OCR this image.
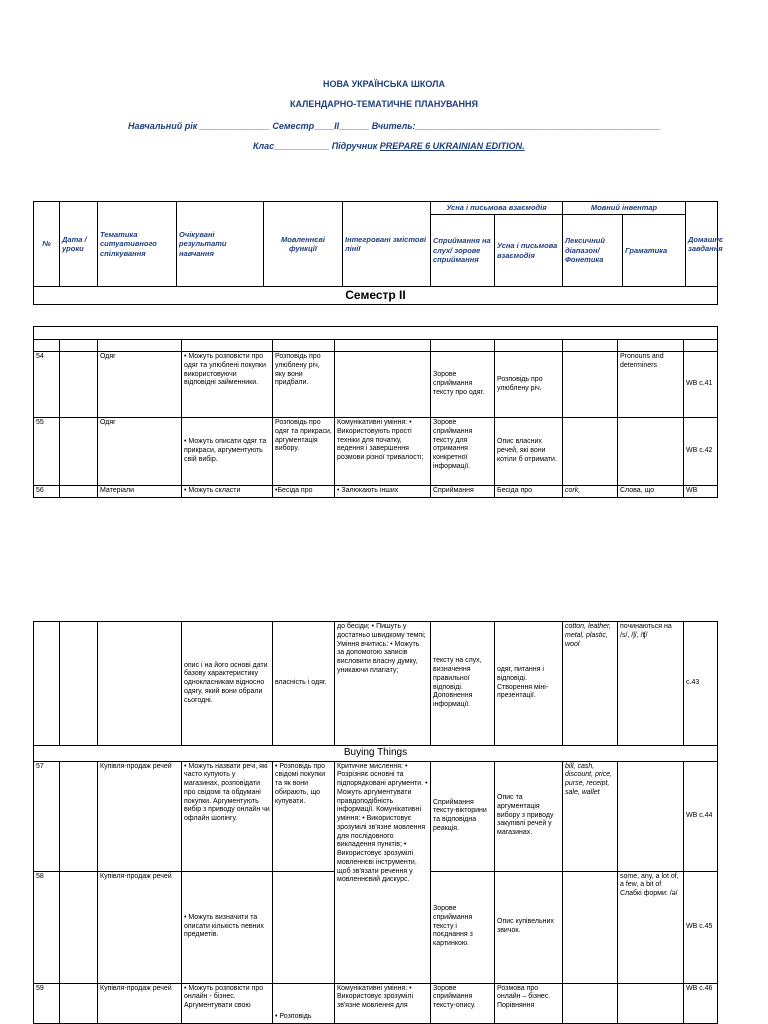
НОВА УКРАЇНСЬКА ШКОЛА
КАЛЕНДАРНО-ТЕМАТИЧНЕ ПЛАНУВАННЯ
Навчальний рік ______________ Семестр____II______ Вчитель:_________________________________________________
Клас___________ Підручник PREPARE 6 UKRAINIAN EDITION.
№	Дата / уроки	Тематика ситуативного спілкування	Очікувані результати навчання	Мовленнєві функції	Інтегровані змістові лінії	Усна і письмова взаємодія		Мовний інвентар		Домашнє завдання
						Сприймання на слух/ зорове сприймання	Усна і письмова взаємодія	Лексичний діапазон/ Фонетика	Граматика	
Семестр II										

54		Одяг	• Можуть розповісти про одяг та улюблені покупки використовуючи відповідні займенники.	Розповідь про улюблену річ, яку вони придбали.		Зорове сприймання тексту про одяг.	Розповідь про улюблену річ.		Pronouns and determiners	WB с.41
55		Одяг	• Можуть описати одяг та прикраси, аргументують свій вибір.	Розповідь про одяг та прикраси, аргументація вибору.	Комунікативні уміння: • Використовують прості техніки для початку, ведення і завершення розмови різної тривалості;	Зорове сприймання тексту для отримання конкретної інформації.	Опис власних речей, які вони котіли б отримати.			WB с.42
56		Матеріали	• Можуть скласти	•Бесіда про	• Залюкають інших	Сприймання	Бесіда про	cork,	Слова, що	WB
			опис і на його основі дати базову характеристику однокласникам відносно одягу, який вони обрали сьогодні.	власність і одяг.	до бесіди; • Пишуть у достатньо швидкому темпі; Уміння вчитись: • Можуть за допомогою записів висловити власну думку, уникаючи плагіату;	тексту на слух, визначення правильної відповіді. Доповнення інформації.	одяг, питання і відповіді. Створення міні-презентації.	cotton, leather, metal, plastic, wool	починаються на /s/, /ʃ/, /ʧ/	с.43
Buying Things										
57		Купівля-продаж речей	• Можуть назвати речі, які часто купують у магазинах, розповідати про свідомі та обдумані покупки. Аргументують вибір з приводу онлайн чи офлайн шопінгу.	• Розповідь про свідомі покупки та як вони обирають, що купувати.	Критичне мислення: • Розрізняє основні та підпорядковані аргументи. • Можуть аргументувати правдоподібність інформації. Комунікативні уміння: • Використовує зрозумілі зв'язне мовлення для послідовного викладення пунктів; • Використовує зрозумілі мовленнєві інструменти, щоб зв'язати речення у мовленнєвий дискурс.	Сприймання тексту-вікторини та відповідна реакція.	Опис та аргументація вибору з приводу закупівлі речей у магазинах.	bill, cash, discount, price, purse, receipt, sale, wallet		WB с.44
58		Купівля-продаж речей	• Можуть визначити та описати кількість певних предметів.			Зорове сприймання тексту і поєднання з картинкою.	Опис купівельних звичок.		some, any, a lot of, a few, a bit of Слабкі форми: /ə/	WB с.45
59		Купівля-продаж речей	• Можуть розповісти про онлайн - бізнес. Аргументувати свою	• Розповідь	Комунікативні уміння: • Використовує зрозумілі зв'язне мовлення для	Зорове сприймання тексту-опису.	Розмова про онлайн – бізнес. Порівняння			WB с.46
